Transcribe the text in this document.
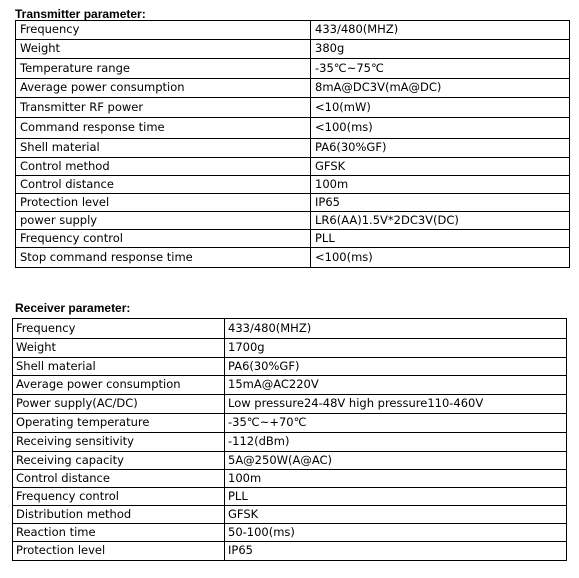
Transmitter parameter:
Frequency	433/480(MHZ)
Weight	380g
Temperature range	-35℃~75℃
Average power consumption	8mA@DC3V(mA@DC)
Transmitter RF power	<10(mW)
Command response time	<100(ms)
Shell material	PA6(30%GF)
Control method	GFSK
Control distance	100m
Protection level	IP65
power supply	LR6(AA)1.5V*2DC3V(DC)
Frequency control	PLL
Stop command response time	<100(ms)
Receiver parameter:
Frequency	433/480(MHZ)
Weight	1700g
Shell material	PA6(30%GF)
Average power consumption	15mA@AC220V
Power supply(AC/DC)	Low pressure24-48V high pressure110-460V
Operating temperature	-35℃~+70℃
Receiving sensitivity	-112(dBm)
Receiving capacity	5A@250W(A@AC)
Control distance	100m
Frequency control	PLL
Distribution method	GFSK
Reaction time	50-100(ms)
Protection level	IP65
